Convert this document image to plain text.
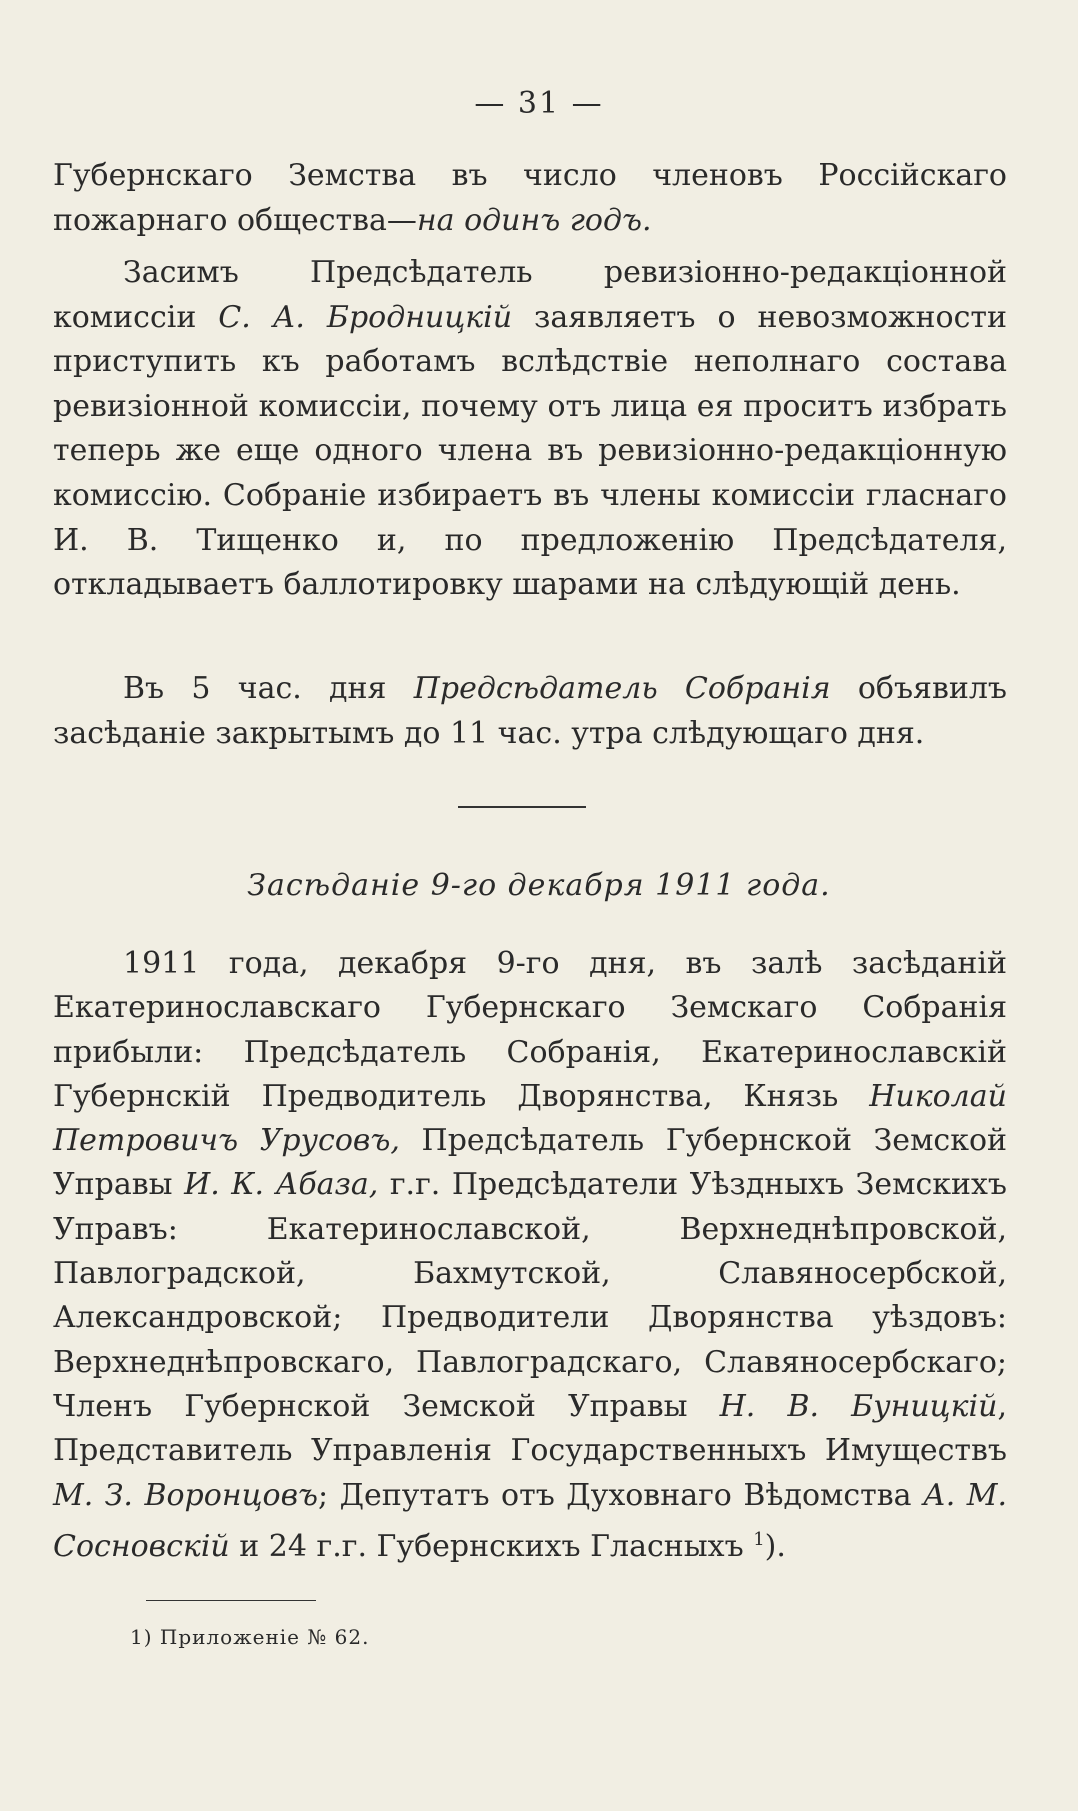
— 31 —

Губернскаго Земства въ число членовъ Россійскаго пожарнаго общества—на одинъ годъ.

Засимъ Предсѣдатель ревизіонно-редакціонной комиссіи С. А. Бродницкій заявляетъ о невозможности приступить къ работамъ вслѣдствіе неполнаго состава ревизіонной комиссіи, почему отъ лица ея проситъ избрать теперь же еще одного члена въ ревизіонно-редакціонную комиссію. Собраніе избираетъ въ члены комиссіи гласнаго И. В. Тищенко и, по предложенію Предсѣдателя, откладываетъ баллотировку шарами на слѣдующій день.

Въ 5 час. дня Предсѣдатель Собранія объявилъ засѣданіе закрытымъ до 11 час. утра слѣдующаго дня.

Засѣданіе 9-го декабря 1911 года.

1911 года, декабря 9-го дня, въ залѣ засѣданій Екатеринославскаго Губернскаго Земскаго Собранія прибыли: Предсѣдатель Собранія, Екатеринославскій Губернскій Предводитель Дворянства, Князь Николай Петровичъ Урусовъ, Предсѣдатель Губернской Земской Управы И. К. Абаза, г.г. Предсѣдатели Уѣздныхъ Земскихъ Управъ: Екатеринославской, Верхнеднѣпровской, Павлоградской, Бахмутской, Славяносербской, Александровской; Предводители Дворянства уѣздовъ: Верхнеднѣпровскаго, Павлоградскаго, Славяносербскаго; Членъ Губернской Земской Управы Н. В. Буницкій, Представитель Управленія Государственныхъ Имуществъ М. З. Воронцовъ; Депутатъ отъ Духовнаго Вѣдомства А. М. Сосновскій и 24 г.г. Губернскихъ Гласныхъ $^1$).

1) Приложеніе № 62.
